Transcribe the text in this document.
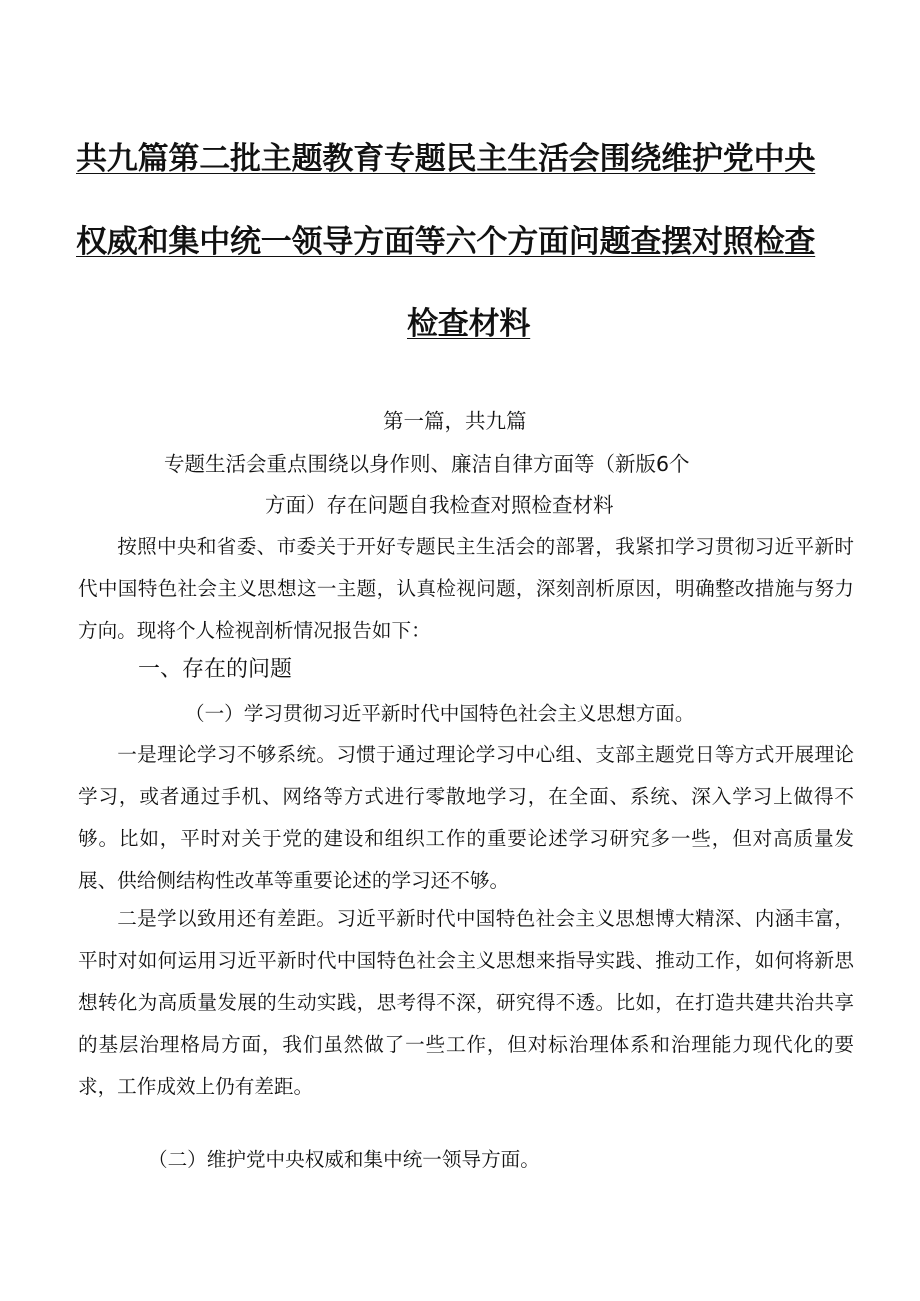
共九篇第二批主题教育专题民主生活会围绕维护党中央
权威和集中统一领导方面等六个方面问题查摆对照检查
检查材料
第一篇，共九篇
专题生活会重点围绕以身作则、廉洁自律方面等（新版6个
方面）存在问题自我检查对照检查材料

按照中央和省委、市委关于开好专题民主生活会的部署，我紧扣学习贯彻习近平新时代中国特色社会主义思想这一主题，认真检视问题，深刻剖析原因，明确整改措施与努力方向。现将个人检视剖析情况报告如下：

一、存在的问题
（一）学习贯彻习近平新时代中国特色社会主义思想方面。

一是理论学习不够系统。习惯于通过理论学习中心组、支部主题党日等方式开展理论学习，或者通过手机、网络等方式进行零散地学习，在全面、系统、深入学习上做得不够。比如，平时对关于党的建设和组织工作的重要论述学习研究多一些，但对高质量发展、供给侧结构性改革等重要论述的学习还不够。

二是学以致用还有差距。习近平新时代中国特色社会主义思想博大精深、内涵丰富，平时对如何运用习近平新时代中国特色社会主义思想来指导实践、推动工作，如何将新思想转化为高质量发展的生动实践，思考得不深，研究得不透。比如，在打造共建共治共享的基层治理格局方面，我们虽然做了一些工作，但对标治理体系和治理能力现代化的要求，工作成效上仍有差距。

（二）维护党中央权威和集中统一领导方面。
